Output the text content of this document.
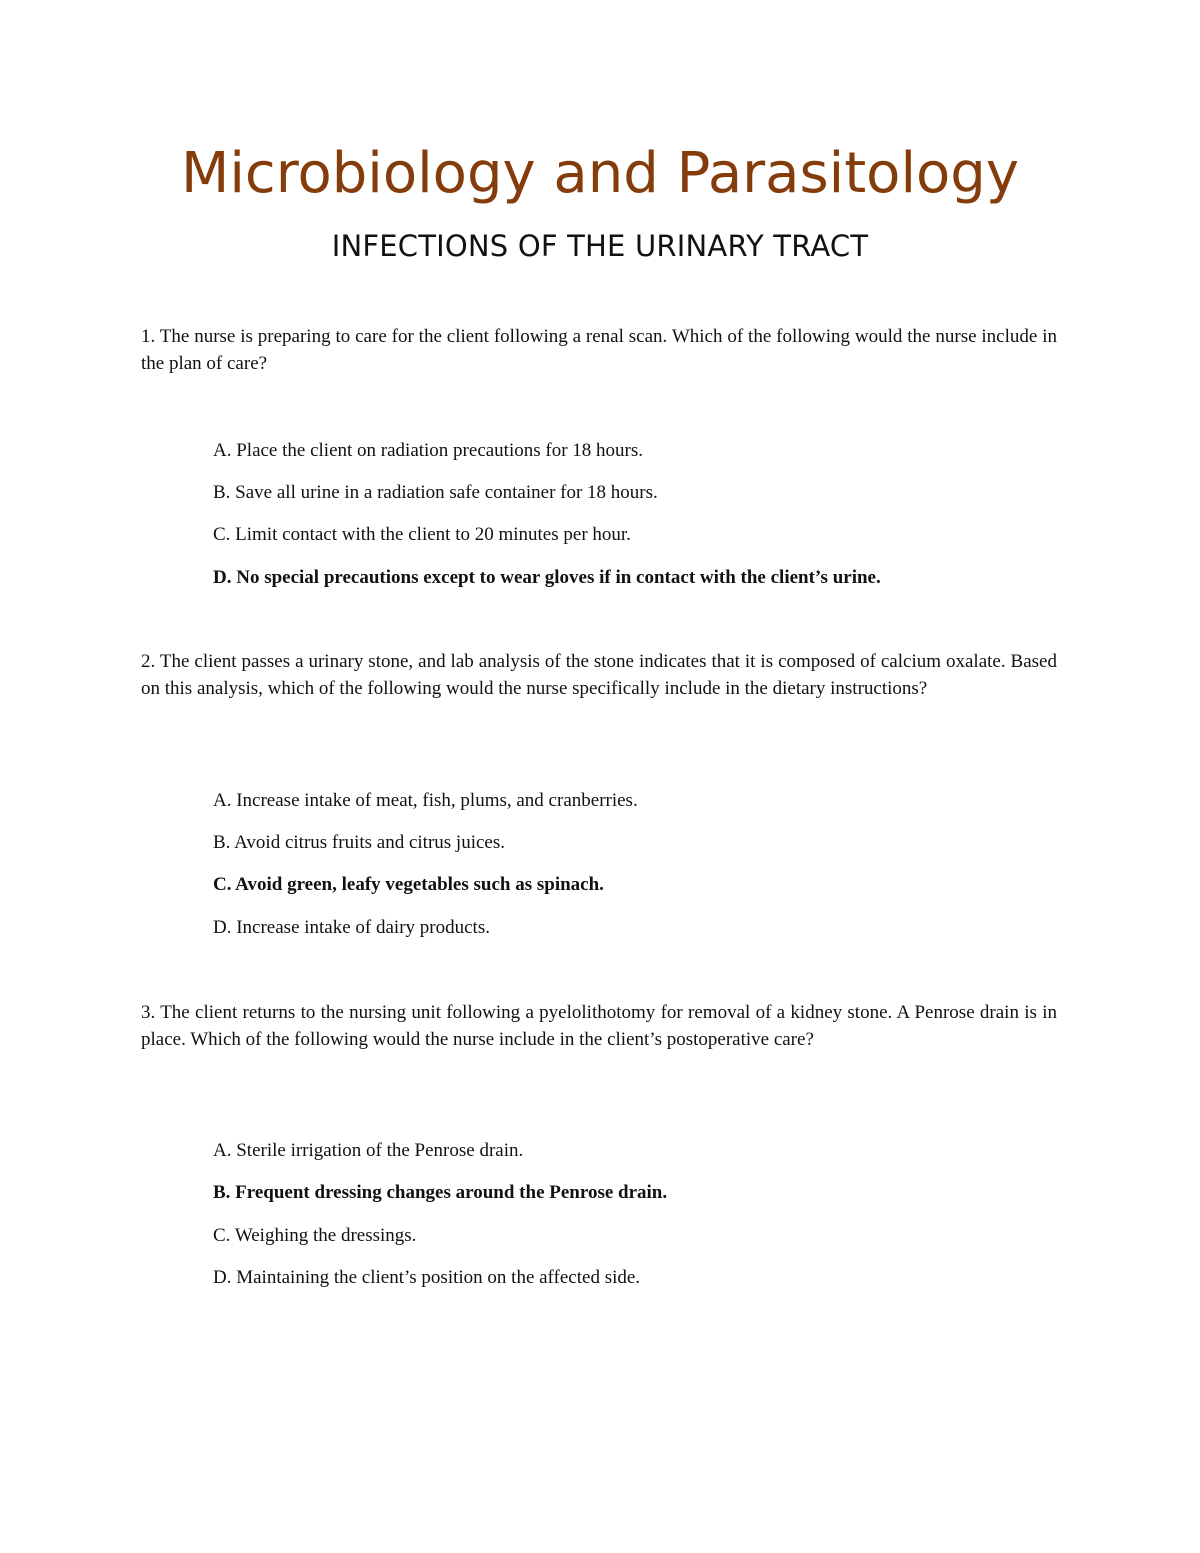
Microbiology and Parasitology
INFECTIONS OF THE URINARY TRACT
1. The nurse is preparing to care for the client following a renal scan. Which of the following would the nurse include in the plan of care?
A. Place the client on radiation precautions for 18 hours.
B. Save all urine in a radiation safe container for 18 hours.
C. Limit contact with the client to 20 minutes per hour.
D. No special precautions except to wear gloves if in contact with the client’s urine.
2. The client passes a urinary stone, and lab analysis of the stone indicates that it is composed of calcium oxalate. Based on this analysis, which of the following would the nurse specifically include in the dietary instructions?
A. Increase intake of meat, fish, plums, and cranberries.
B. Avoid citrus fruits and citrus juices.
C. Avoid green, leafy vegetables such as spinach.
D. Increase intake of dairy products.
3. The client returns to the nursing unit following a pyelolithotomy for removal of a kidney stone. A Penrose drain is in place. Which of the following would the nurse include in the client’s postoperative care?
A. Sterile irrigation of the Penrose drain.
B. Frequent dressing changes around the Penrose drain.
C. Weighing the dressings.
D. Maintaining the client’s position on the affected side.
